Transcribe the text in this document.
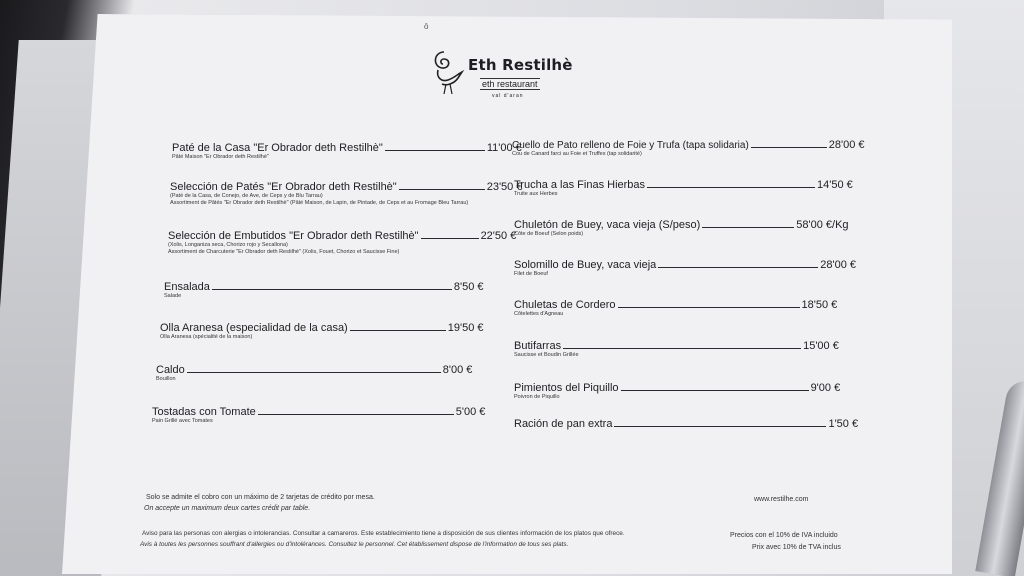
ō
Eth Restilhè
eth restaurant
val d'aran
Paté de la Casa "Er Obrador deth Restilhè"	11'00 €
Pâté Maison "Er Obrador deth Restilhè"
Selección de Patés "Er Obrador deth Restilhè"	23'50 €
(Paté de la Casa, de Conejo, de Ave, de Ceps y de Blu Tarrau)
Assortiment de Pâtés "Er Obrador deth Restilhè" (Pâté Maison, de Lapin, de Pintade, de Ceps et au Fromage Bleu Tarrau)
Selección de Embutidos "Er Obrador deth Restilhè"	22'50 €
(Xolis, Longaniza seca, Chorizo rojo y Secallona)
Assortiment de Charcuterie "Er Obrador deth Restilhè" (Xolis, Fouet, Chorizo et Saucisse Fine)
Ensalada	8'50 €
Salade
Olla Aranesa (especialidad de la casa)	19'50 €
Olla Aranesa (spécialité de la maison)
Caldo	8'00 €
Bouillon
Tostadas con Tomate	5'00 €
Pain Grillé avec Tomates
Cuello de Pato relleno de Foie y Trufa (tapa solidaria)	28'00 €
Cou de Canard farci au Foie et Truffes (tap solidarité)
Trucha a las Finas Hierbas	14'50 €
Truite aux Herbes
Chuletón de Buey, vaca vieja (S/peso)	58'00 €/Kg
Côte de Boeuf (Selon poids)
Solomillo de Buey, vaca vieja	28'00 €
Filet de Boeuf
Chuletas de Cordero	18'50 €
Côtelettes d'Agneau
Butifarras	15'00 €
Saucisse et Boudin Grillée
Pimientos del Piquillo	9'00 €
Poivron de Piquillo
Ración de pan extra	1'50 €
Solo se admite el cobro con un máximo de 2 tarjetas de crédito por mesa.
On accepte un maximum deux cartes crédit par table.
www.restilhe.com
Aviso para las personas con alergias o intolerancias. Consultar a camareros. Este establecimiento tiene a disposición de sus clientes información de los platos que ofrece.
Avis à toutes les personnes souffrant d'allergies ou d'intolérances. Consultez le personnel. Cet établissement dispose de l'information de tous ses plats.
Precios con el 10% de IVA incluido
Prix avec 10% de TVA inclus
